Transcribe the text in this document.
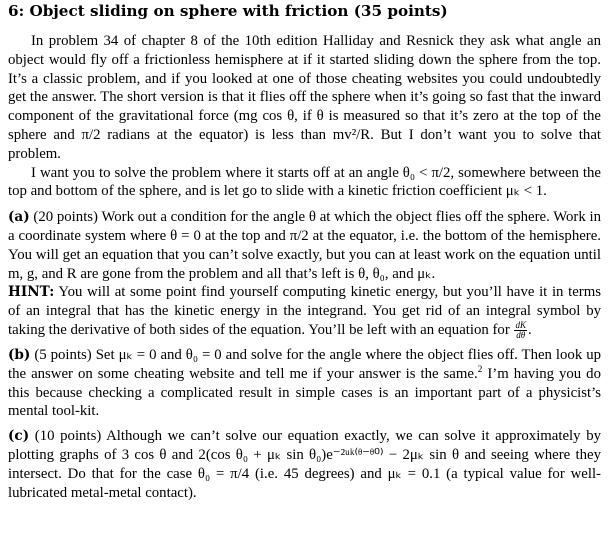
6: Object sliding on sphere with friction (35 points)

In problem 34 of chapter 8 of the 10th edition Halliday and Resnick they ask what angle an object would fly off a frictionless hemisphere at if it started sliding down the sphere from the top. It’s a classic problem, and if you looked at one of those cheating websites you could undoubtedly get the answer. The short version is that it flies off the sphere when it’s going so fast that the inward component of the gravitational force (mg cos θ, if θ is measured so that it’s zero at the top of the sphere and π/2 radians at the equator) is less than mv²/R. But I don’t want you to solve that problem.

I want you to solve the problem where it starts off at an angle θ₀ < π/2, somewhere between the top and bottom of the sphere, and is let go to slide with a kinetic friction coefficient μₖ < 1.

(a) (20 points) Work out a condition for the angle θ at which the object flies off the sphere. Work in a coordinate system where θ = 0 at the top and π/2 at the equator, i.e. the bottom of the hemisphere. You will get an equation that you can’t solve exactly, but you can at least work on the equation until m, g, and R are gone from the problem and all that’s left is θ, θ₀, and μₖ.

HINT: You will at some point find yourself computing kinetic energy, but you’ll have it in terms of an integral that has the kinetic energy in the integrand. You get rid of an integral symbol by taking the derivative of both sides of the equation. You’ll be left with an equation for $\frac{dK}{d\theta}$ .

(b) (5 points) Set μₖ = 0 and θ₀ = 0 and solve for the angle where the object flies off. Then look up the answer on some cheating website and tell me if your answer is the same.$^2$ I’m having you do this because checking a complicated result in simple cases is an important part of a physicist’s mental tool-kit.

(c) (10 points) Although we can’t solve our equation exactly, we can solve it approximately by plotting graphs of 3 cos θ and 2(cos θ₀ + μₖ sin θ₀)e⁻²ᵘᵏ⁽ᶿ⁻ᶿ⁰⁾ − 2μₖ sin θ and seeing where they intersect. Do that for the case θ₀ = π/4 (i.e. 45 degrees) and μₖ = 0.1 (a typical value for well-lubricated metal-metal contact).
